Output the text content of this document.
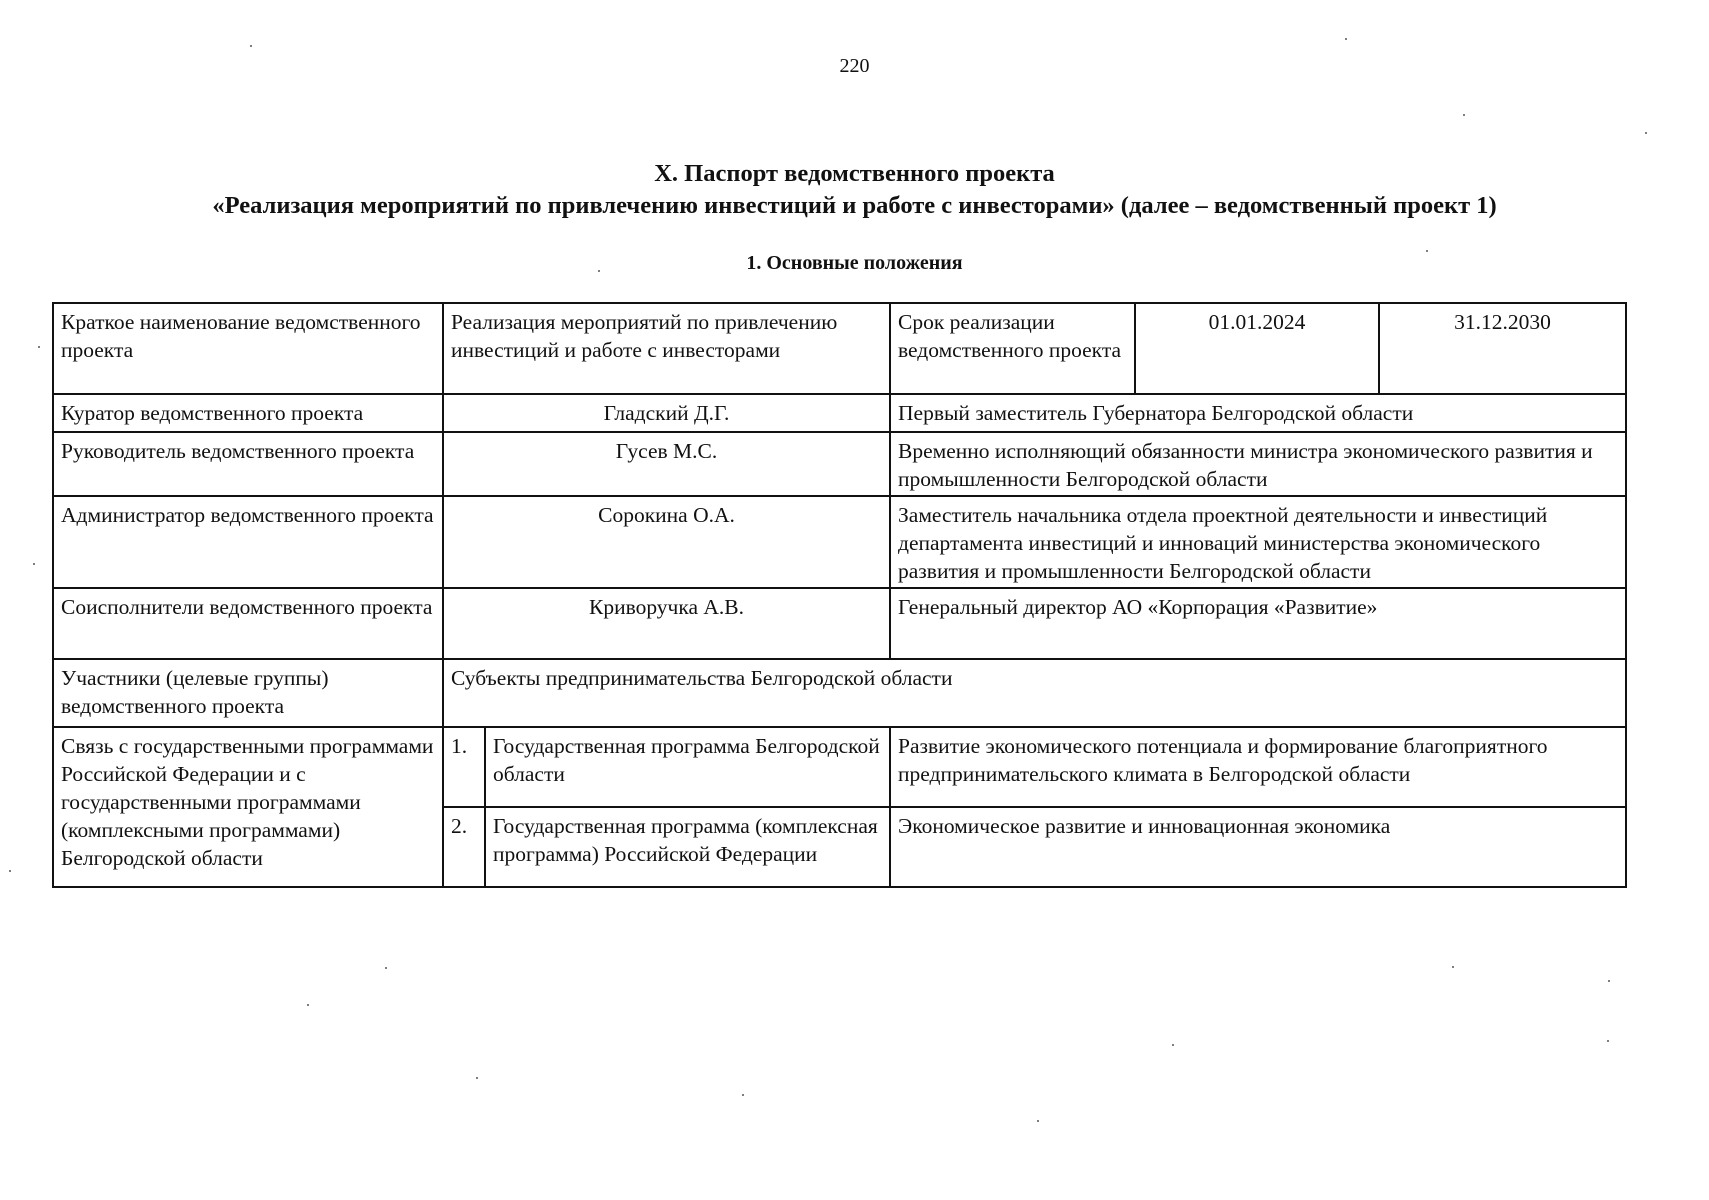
220
X. Паспорт ведомственного проекта
«Реализация мероприятий по привлечению инвестиций и работе с инвесторами» (далее – ведомственный проект 1)
1. Основные положения
Краткое наименование ведомственного проекта	Реализация мероприятий по привлечению инвестиций и работе с инвесторами		Срок реализации ведомственного проекта	01.01.2024	31.12.2030
Куратор ведомственного проекта	Гладский Д.Г.		Первый заместитель Губернатора Белгородской области		
Руководитель ведомственного проекта	Гусев М.С.		Временно исполняющий обязанности министра экономического развития и промышленности Белгородской области		
Администратор ведомственного проекта	Сорокина О.А.		Заместитель начальника отдела проектной деятельности и инвестиций департамента инвестиций и инноваций министерства экономического развития и промышленности Белгородской области		
Соисполнители ведомственного проекта	Криворучка А.В.		Генеральный директор АО «Корпорация «Развитие»		
Участники (целевые группы) ведомственного проекта	Субъекты предпринимательства Белгородской области				
Связь с государственными программами Российской Федерации и с государственными программами (комплексными программами) Белгородской области	1.	Государственная программа Белгородской области	Развитие экономического потенциала и формирование благоприятного предпринимательского климата в Белгородской области		
	2.	Государственная программа (комплексная программа) Российской Федерации	Экономическое развитие и инновационная экономика		
